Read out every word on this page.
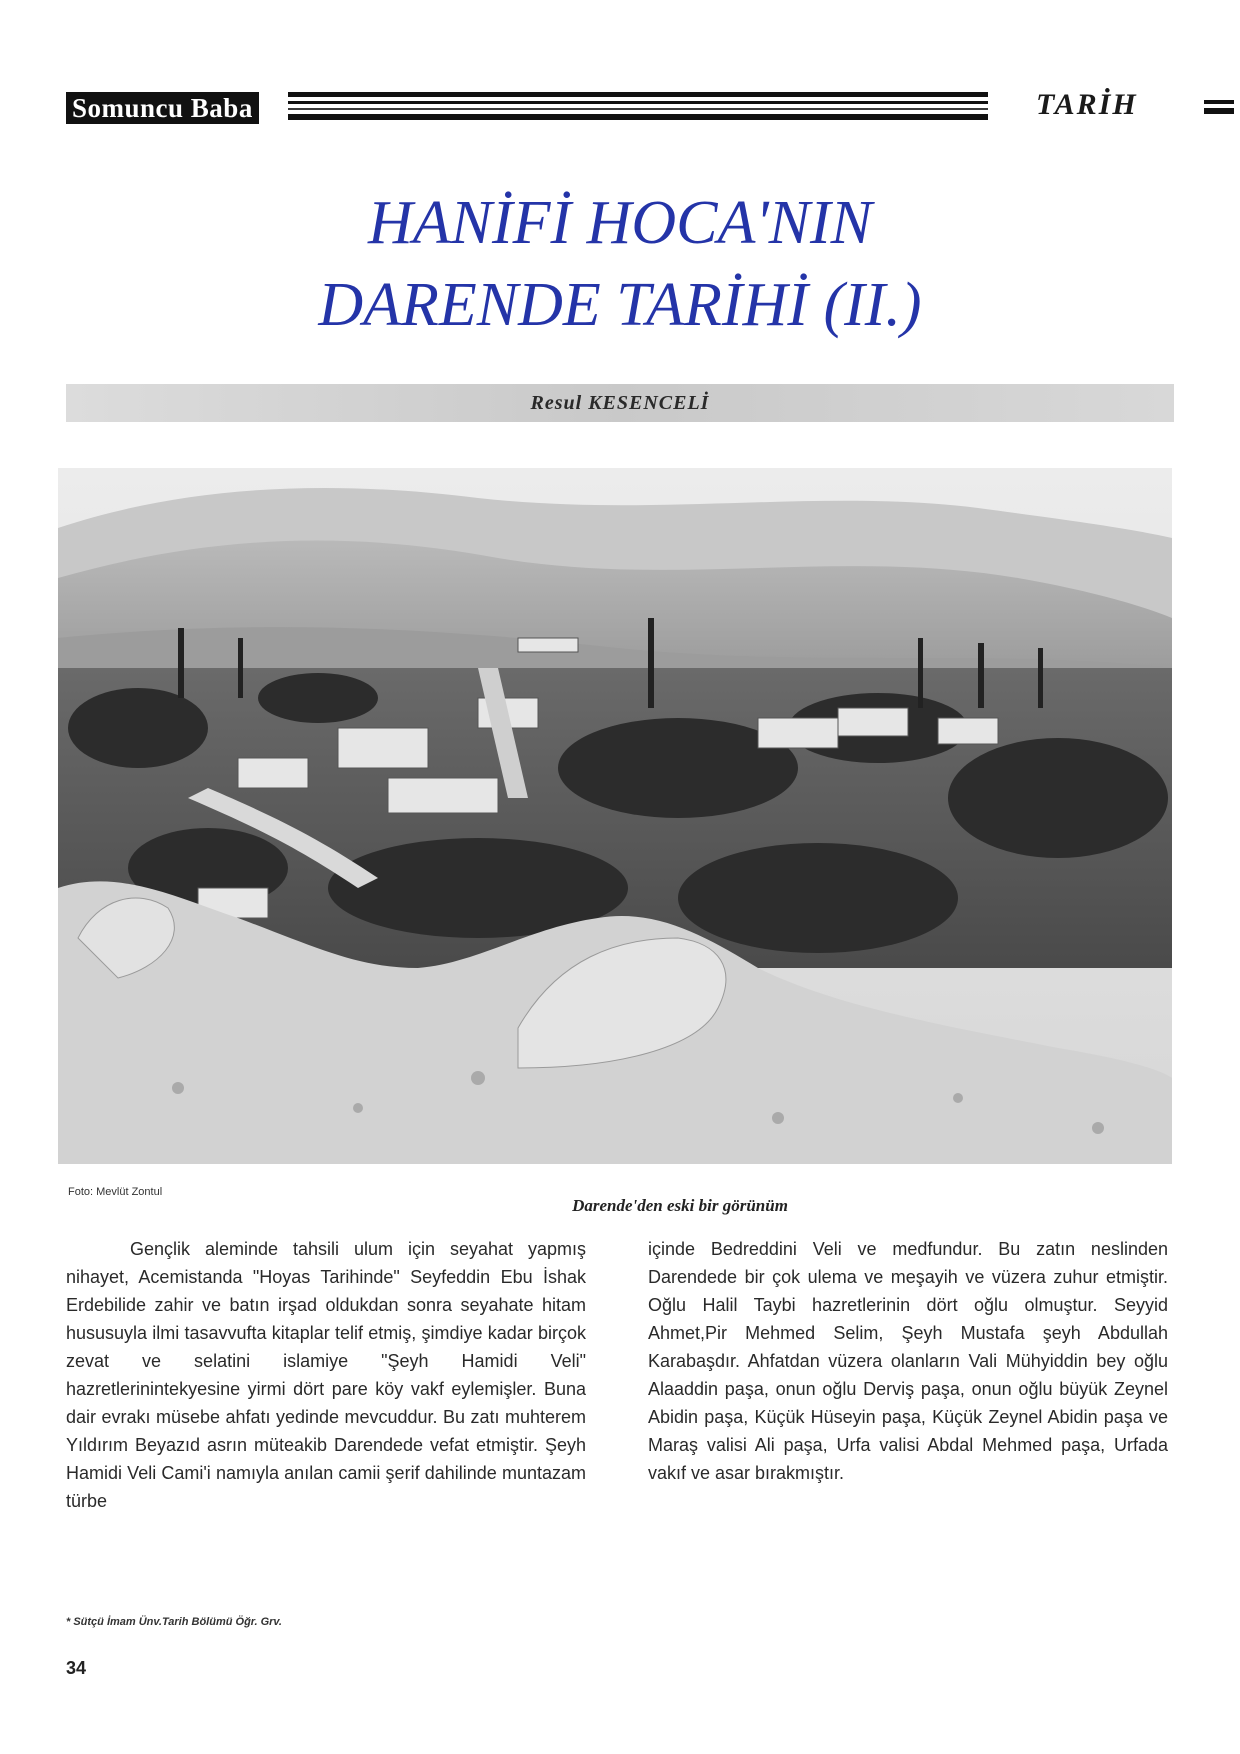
Somuncu Baba	TARİH
HANİFİ HOCA'NIN
DARENDE TARİHİ (II.)
Resul KESENCELİ
Foto: Mevlüt Zontul
Darende'den eski bir görünüm

Gençlik aleminde tahsili ulum için seyahat yapmış nihayet, Acemistanda "Hoyas Tarihinde" Seyfeddin Ebu İshak Erdebilide zahir ve batın irşad oldukdan sonra seyahate hitam hususuyla ilmi tasavvufta kitaplar telif etmiş, şimdiye kadar birçok zevat ve selatini islamiye "Şeyh Hamidi Veli" hazretlerinintekyesine yirmi dört pare köy vakf eylemişler. Buna dair evrakı müsebe ahfatı yedinde mevcuddur. Bu zatı muhterem Yıldırım Beyazıd asrın müteakib Darendede vefat etmiştir. Şeyh Hamidi Veli Cami'i namıyla anılan camii şerif dahilinde muntazam türbe

içinde Bedreddini Veli ve medfundur. Bu zatın neslinden Darendede bir çok ulema ve meşayih ve vüzera zuhur etmiştir. Oğlu Halil Taybi hazretlerinin dört oğlu olmuştur. Seyyid Ahmet,Pir Mehmed Selim, Şeyh Mustafa şeyh Abdullah Karabaşdır. Ahfatdan vüzera olanların Vali Mühyiddin bey oğlu Alaaddin paşa, onun oğlu Derviş paşa, onun oğlu büyük Zeynel Abidin paşa, Küçük Hüseyin paşa, Küçük Zeynel Abidin paşa ve Maraş valisi Ali paşa, Urfa valisi Abdal Mehmed paşa, Urfada vakıf ve asar bırakmıştır.

* Sütçü İmam Ünv.Tarih Bölümü Öğr. Grv.
34
